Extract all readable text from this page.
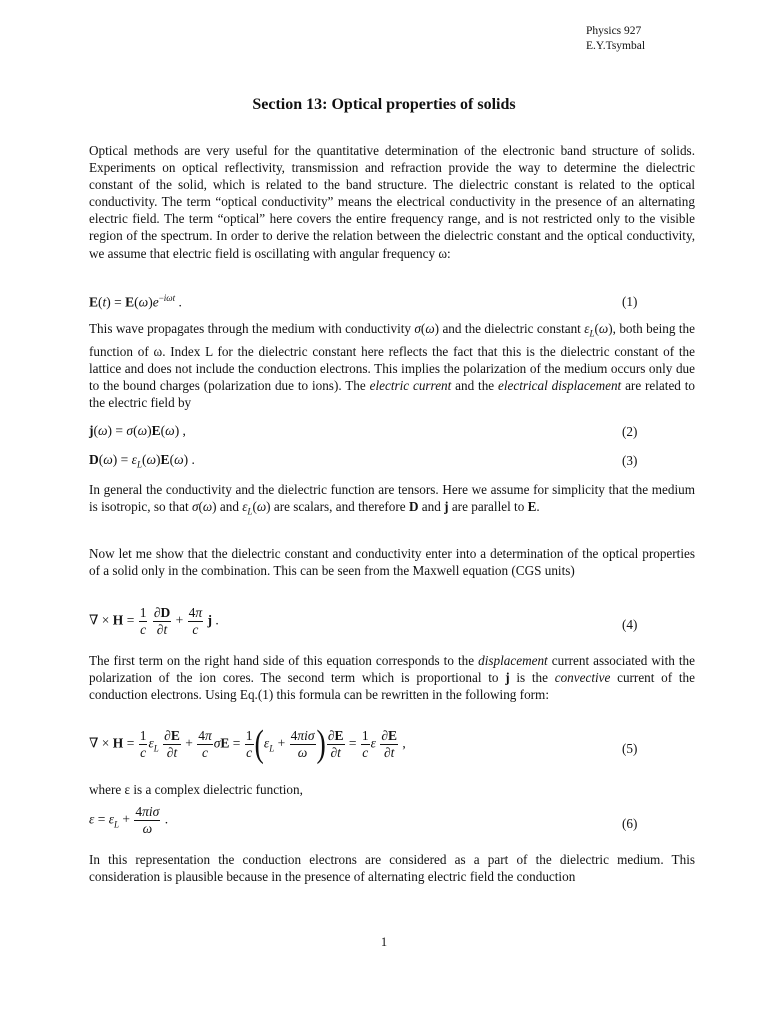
Physics 927
E.Y.Tsymbal
Section 13: Optical properties of solids

Optical methods are very useful for the quantitative determination of the electronic band structure of solids. Experiments on optical reflectivity, transmission and refraction provide the way to determine the dielectric constant of the solid, which is related to the band structure. The dielectric constant is related to the optical conductivity. The term “optical conductivity” means the electrical conductivity in the presence of an alternating electric field. The term “optical” here covers the entire frequency range, and is not restricted only to the visible region of the spectrum. In order to derive the relation between the dielectric constant and the optical conductivity, we assume that electric field is oscillating with angular frequency ω:

$E(t) = E(\omega)e^{-i\omega t}$ .	(1)

This wave propagates through the medium with conductivity σ(ω) and the dielectric constant $\varepsilon_L(\omega)$, both being the function of ω. Index L for the dielectric constant here reflects the fact that this is the dielectric constant of the lattice and does not include the conduction electrons. This implies the polarization of the medium occurs only due to the bound charges (polarization due to ions). The electric current and the electrical displacement are related to the electric field by

j(ω) = σ(ω)E(ω) ,	(2)
$D(\omega) = \varepsilon_L(\omega)E(\omega)$ .	(3)

In general the conductivity and the dielectric function are tensors. Here we assume for simplicity that the medium is isotropic, so that σ(ω) and $\varepsilon_L(\omega)$ are scalars, and therefore D and j are parallel to E.

Now let me show that the dielectric constant and conductivity enter into a determination of the optical properties of a solid only in the combination. This can be seen from the Maxwell equation (CGS units)

∇ × $H = \frac{1}{c}$
$\frac{\partial D}{\partial t} + \frac{4\pi}{c}$ j .	(4)

The first term on the right hand side of this equation corresponds to the displacement current associated with the polarization of the ion cores. The second term which is proportional to j is the convective current of the conduction electrons. Using Eq.(1) this formula can be rewritten in the following form:

∇ × $H = \frac{1}{c} \varepsilon_L \frac{\partial E}{\partial t} + \frac{4\pi}{c}$ $\sigma E = \frac{1}{c} (\varepsilon_L + \frac{\text{4πiσ}}{\omega}$ ) $\frac{\partial E}{\partial t} = \frac{1}{c}$ ε $\frac{\partial E}{\partial t}$ ,	(5)

where ε is a complex dielectric function,

$\varepsilon = \varepsilon_L + \frac{\text{4πiσ}}{\omega}$ .	(6)

In this representation the conduction electrons are considered as a part of the dielectric medium. This consideration is plausible because in the presence of alternating electric field the conduction

1
